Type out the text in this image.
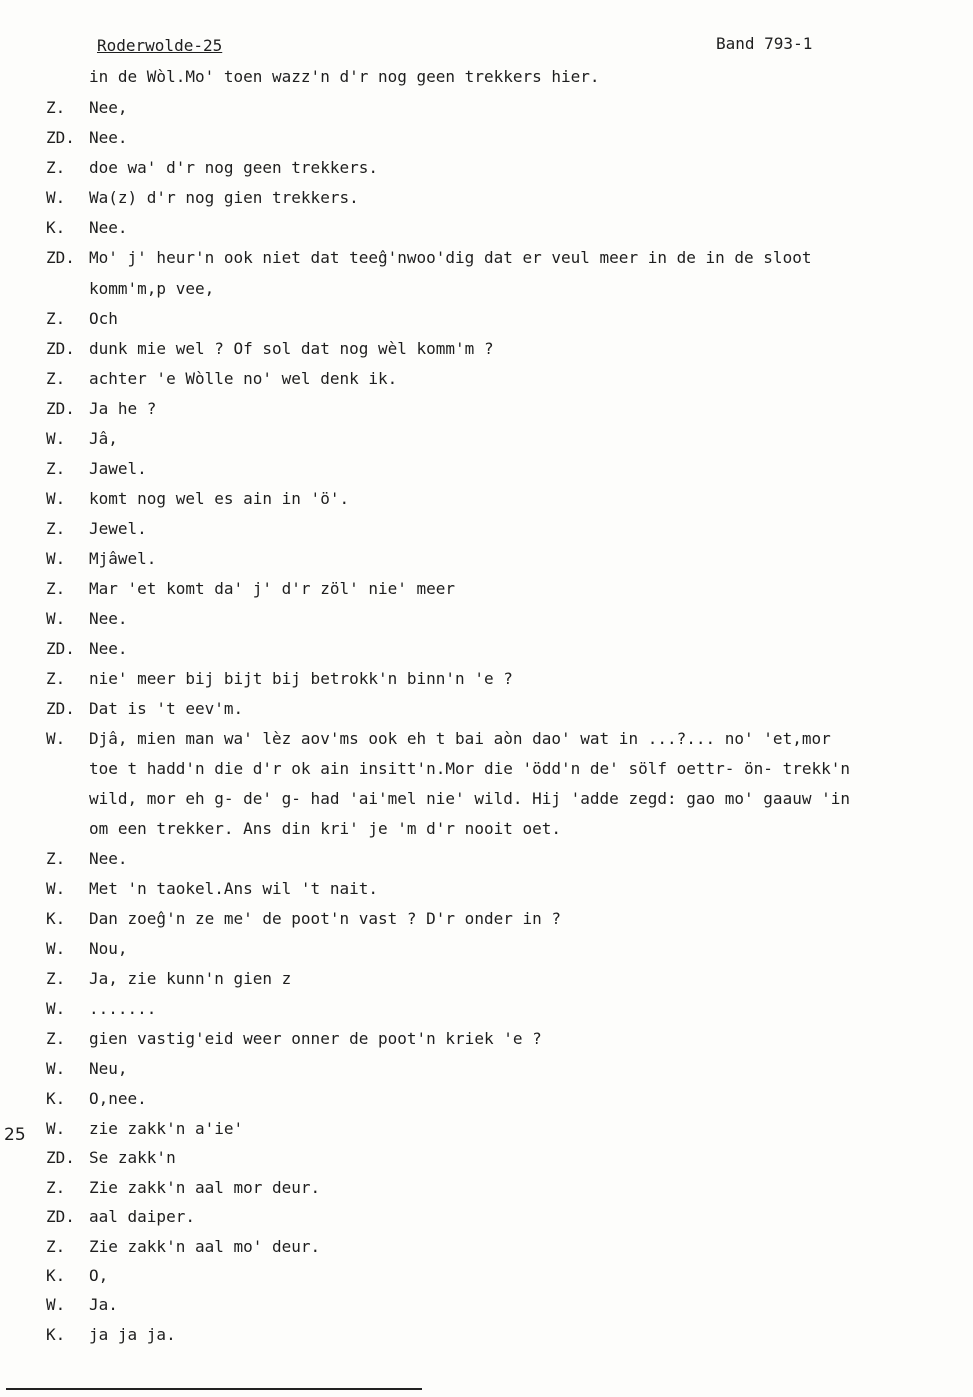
Roderwolde-25	Band 793-1
in de Wòl.Mo' toen wazz'n d'r nog geen trekkers hier.
Z.	Nee,
ZD. Nee.
Z.	doe wa' d'r nog geen trekkers.
W.	Wa(z) d'r nog gien trekkers.
K.	Nee.
ZD. Mo' j' heur'n ook niet dat teeĝ'nwoo'dig dat er veul meer in de in de sloot
komm'm,p vee,
Z.	Och
ZD. dunk mie wel ? Of sol dat nog wèl komm'm ?
Z.	achter 'e Wòlle no' wel denk ik.
ZD. Ja he ?
W.	Jâ,
Z.	Jawel.
W.	komt nog wel es ain in 'ö'.
Z.	Jewel.
W.	Mjâwel.
Z.	Mar 'et komt da' j' d'r zöl' nie' meer
W.	Nee.
ZD. Nee.
Z.	nie' meer bij bijt bij betrokk'n binn'n 'e ?
ZD. Dat is 't eev'm.
W.	Djâ, mien man wa' lèz aov'ms ook eh t bai aòn dao' wat in ...?... no' 'et,mor
toe t hadd'n die d'r ok ain insitt'n.Mor die 'ödd'n de' sölf oettr- ön- trekk'n
wild, mor eh g- de' g- had 'ai'mel nie' wild. Hij 'adde zegd: gao mo' gaauw 'in
om een trekker. Ans din kri' je 'm d'r nooit oet.
Z.	Nee.
W.	Met 'n taokel.Ans wil 't nait.
K.	Dan zoeĝ'n ze me' de poot'n vast ? D'r onder in ?
W.	Nou,
Z.	Ja, zie kunn'n gien z
W.	.......
Z.	gien vastig'eid weer onner de poot'n kriek 'e ?
W.	Neu,
K.	O,nee.
W.	zie zakk'n a'ie'
ZD. Se zakk'n
Z.	Zie zakk'n aal mor deur.
ZD. aal daiper.
Z.	Zie zakk'n aal mo' deur.
K.	O,
W.	Ja.
K.	ja ja ja.
25
